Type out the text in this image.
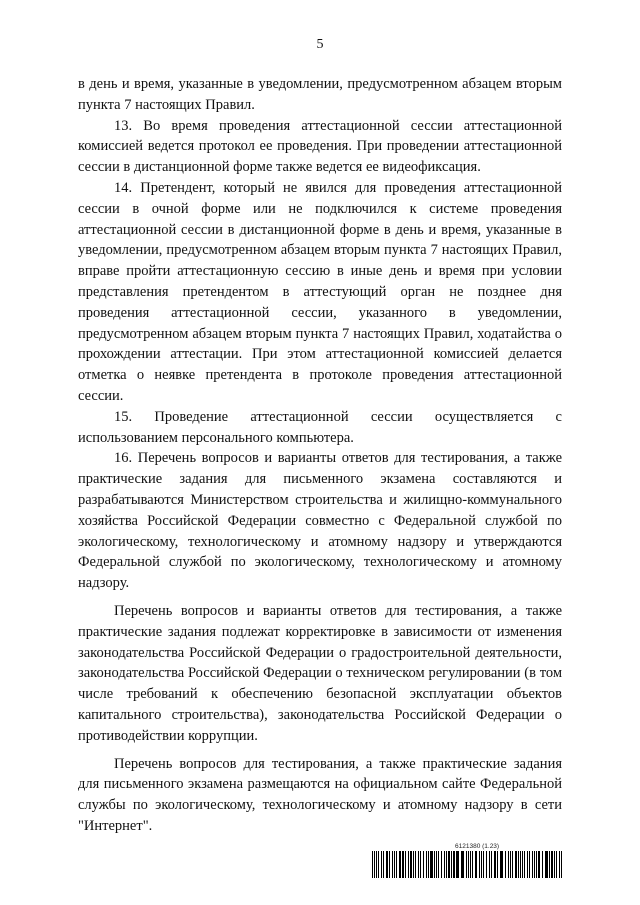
5

в день и время, указанные в уведомлении, предусмотренном абзацем вторым пункта 7 настоящих Правил.

13. Во время проведения аттестационной сессии аттестационной комиссией ведется протокол ее проведения. При проведении аттестационной сессии в дистанционной форме также ведется ее видеофиксация.

14. Претендент, который не явился для проведения аттестационной сессии в очной форме или не подключился к системе проведения аттестационной сессии в дистанционной форме в день и время, указанные в уведомлении, предусмотренном абзацем вторым пункта 7 настоящих Правил, вправе пройти аттестационную сессию в иные день и время при условии представления претендентом в аттестующий орган не позднее дня проведения аттестационной сессии, указанного в уведомлении, предусмотренном абзацем вторым пункта 7 настоящих Правил, ходатайства о прохождении аттестации. При этом аттестационной комиссией делается отметка о неявке претендента в протоколе проведения аттестационной сессии.

15. Проведение аттестационной сессии осуществляется с использованием персонального компьютера.

16. Перечень вопросов и варианты ответов для тестирования, а также практические задания для письменного экзамена составляются и разрабатываются Министерством строительства и жилищно-коммунального хозяйства Российской Федерации совместно с Федеральной службой по экологическому, технологическому и атомному надзору и утверждаются Федеральной службой по экологическому, технологическому и атомному надзору.

Перечень вопросов и варианты ответов для тестирования, а также практические задания подлежат корректировке в зависимости от изменения законодательства Российской Федерации о градостроительной деятельности, законодательства Российской Федерации о техническом регулировании (в том числе требований к обеспечению безопасной эксплуатации объектов капитального строительства), законодательства Российской Федерации о противодействии коррупции.

Перечень вопросов для тестирования, а также практические задания для письменного экзамена размещаются на официальном сайте Федеральной службы по экологическому, технологическому и атомному надзору в сети "Интернет".

6121380 (1.23)
